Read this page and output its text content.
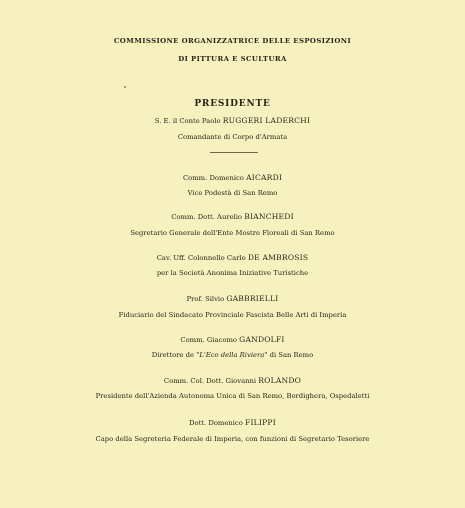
COMMISSIONE ORGANIZZATRICE DELLE ESPOSIZIONI
DI PITTURA E SCULTURA
PRESIDENTE
S. E. il Conte Paolo RUGGERI LADERCHI
Comandante di Corpo d'Armata
Comm. Domenico AICARDI
Vice Podestà di San Remo
Comm. Dott. Aurelio BIANCHEDI
Segretario Generale dell'Ente Mostre Floreali di San Remo
Cav. Uff. Colonnello Carlo DE AMBROSIS
per la Società Anonima Iniziative Turistiche
Prof. Silvio GABBRIELLI
Fiduciario del Sindacato Provinciale Fascista Belle Arti di Imperia
Comm. Giacomo GANDOLFI
Direttore de "L'Eco della Riviera" di San Remo
Comm. Col. Dott. Giovanni ROLANDO
Presidente dell'Azienda Autonoma Unica di San Remo, Bordighera, Ospedaletti
Dott. Domenico FILIPPI
Capo della Segreteria Federale di Imperia, con funzioni di Segretario Tesoriere
